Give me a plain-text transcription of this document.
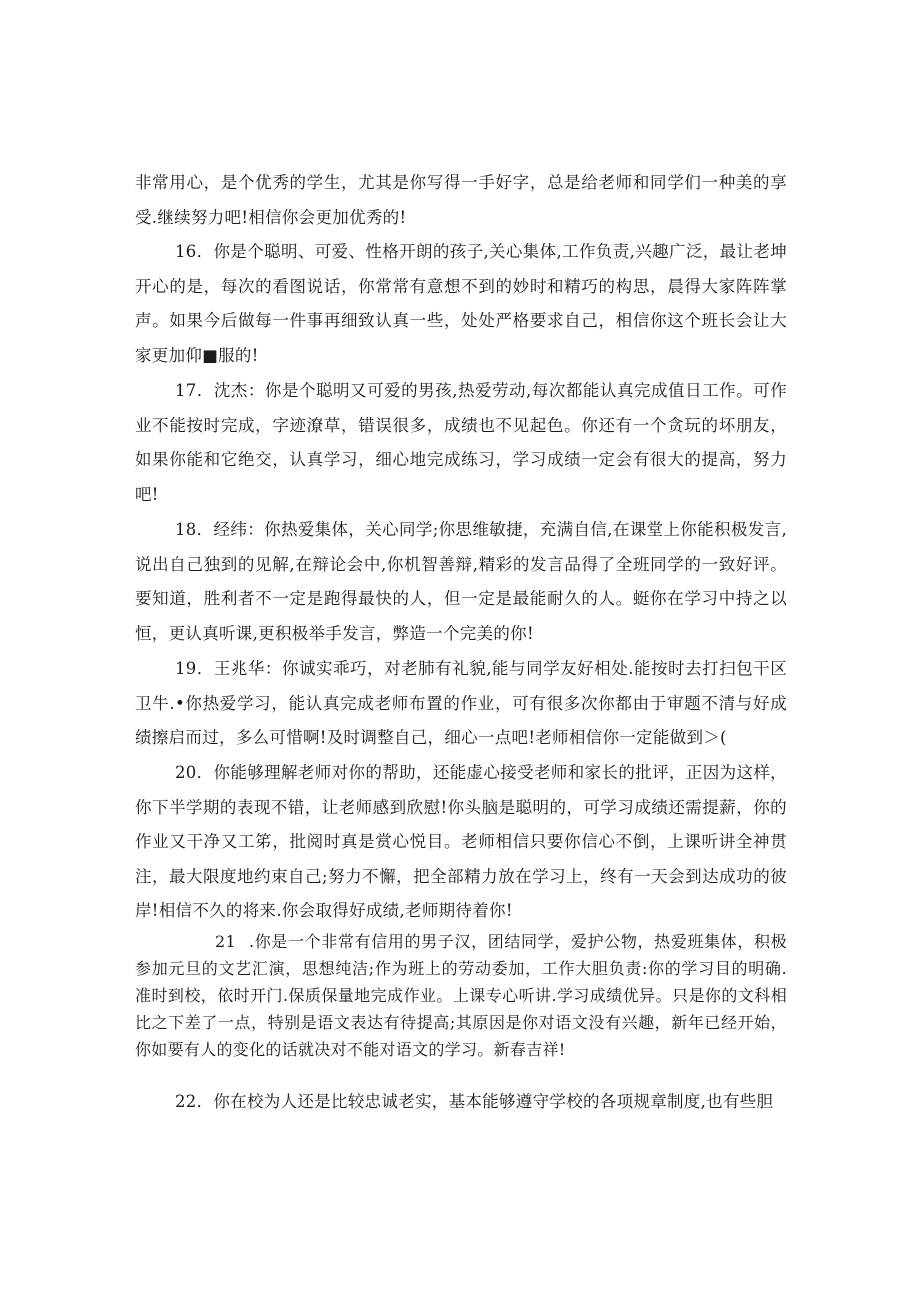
非常用心，是个优秀的学生，尤其是你写得一手好字，总是给老师和同学们一种美的享受.继续努力吧!相信你会更加优秀的!

16．你是个聪明、可爱、性格开朗的孩子,关心集体,工作负责,兴趣广泛，最让老坤开心的是，每次的看图说话，你常常有意想不到的妙时和精巧的构思，晨得大家阵阵掌声。如果今后做每一件事再细致认真一些，处处严格要求自己，相信你这个班长会让大家更加仰■服的!

17．沈杰：你是个聪明又可爱的男孩,热爱劳动,每次都能认真完成值日工作。可作业不能按时完成，字迹潦草，错误很多，成绩也不见起色。你还有一个贪玩的坏朋友，如果你能和它绝交，认真学习，细心地完成练习，学习成绩一定会有很大的提高，努力吧!

18．经纬：你热爱集体，关心同学;你思维敏捷，充满自信,在课堂上你能积极发言,说出自己独到的见解,在辩论会中,你机智善辩,精彩的发言品得了全班同学的一致好评。要知道，胜利者不一定是跑得最快的人，但一定是最能耐久的人。蜓你在学习中持之以恒，更认真听课,更积极举手发言，弊造一个完美的你!

19．王兆华：你诚实乖巧，对老肺有礼貌,能与同学友好相处.能按时去打扫包干区卫牛.•你热爱学习，能认真完成老师布置的作业，可有很多次你都由于审题不清与好成绩擦启而过，多么可惜啊!及时调整自己，细心一点吧!老师相信你一定能做到＞(

20．你能够理解老师对你的帮助，还能虚心接受老师和家长的批评，正因为这样，你下半学期的表现不错，让老师感到欣慰!你头脑是聪明的，可学习成绩还需提薪，你的作业又干净又工笫，批阅时真是赏心悦目。老师相信只要你信心不倒，上课听讲全神贯注，最大限度地约束自己;努力不懈，把全部精力放在学习上，终有一天会到达成功的彼岸!相信不久的将来.你会取得好成绩,老师期待着你!

21 .你是一个非常有信用的男子汉，团结同学，爱护公物，热爱班集体，积极参加元旦的文艺汇演，思想纯洁;作为班上的劳动委加，工作大胆负责:你的学习目的明确.准时到校，依时开门.保质保量地完成作业。上课专心听讲.学习成绩优异。只是你的文科相比之下差了一点，特别是语文表达有待提高;其原因是你对语文没有兴趣，新年已经开始，你如要有人的变化的话就决对不能对语文的学习。新春吉祥!

22．你在校为人还是比较忠诚老实，基本能够遵守学校的各项规章制度,也有些胆
